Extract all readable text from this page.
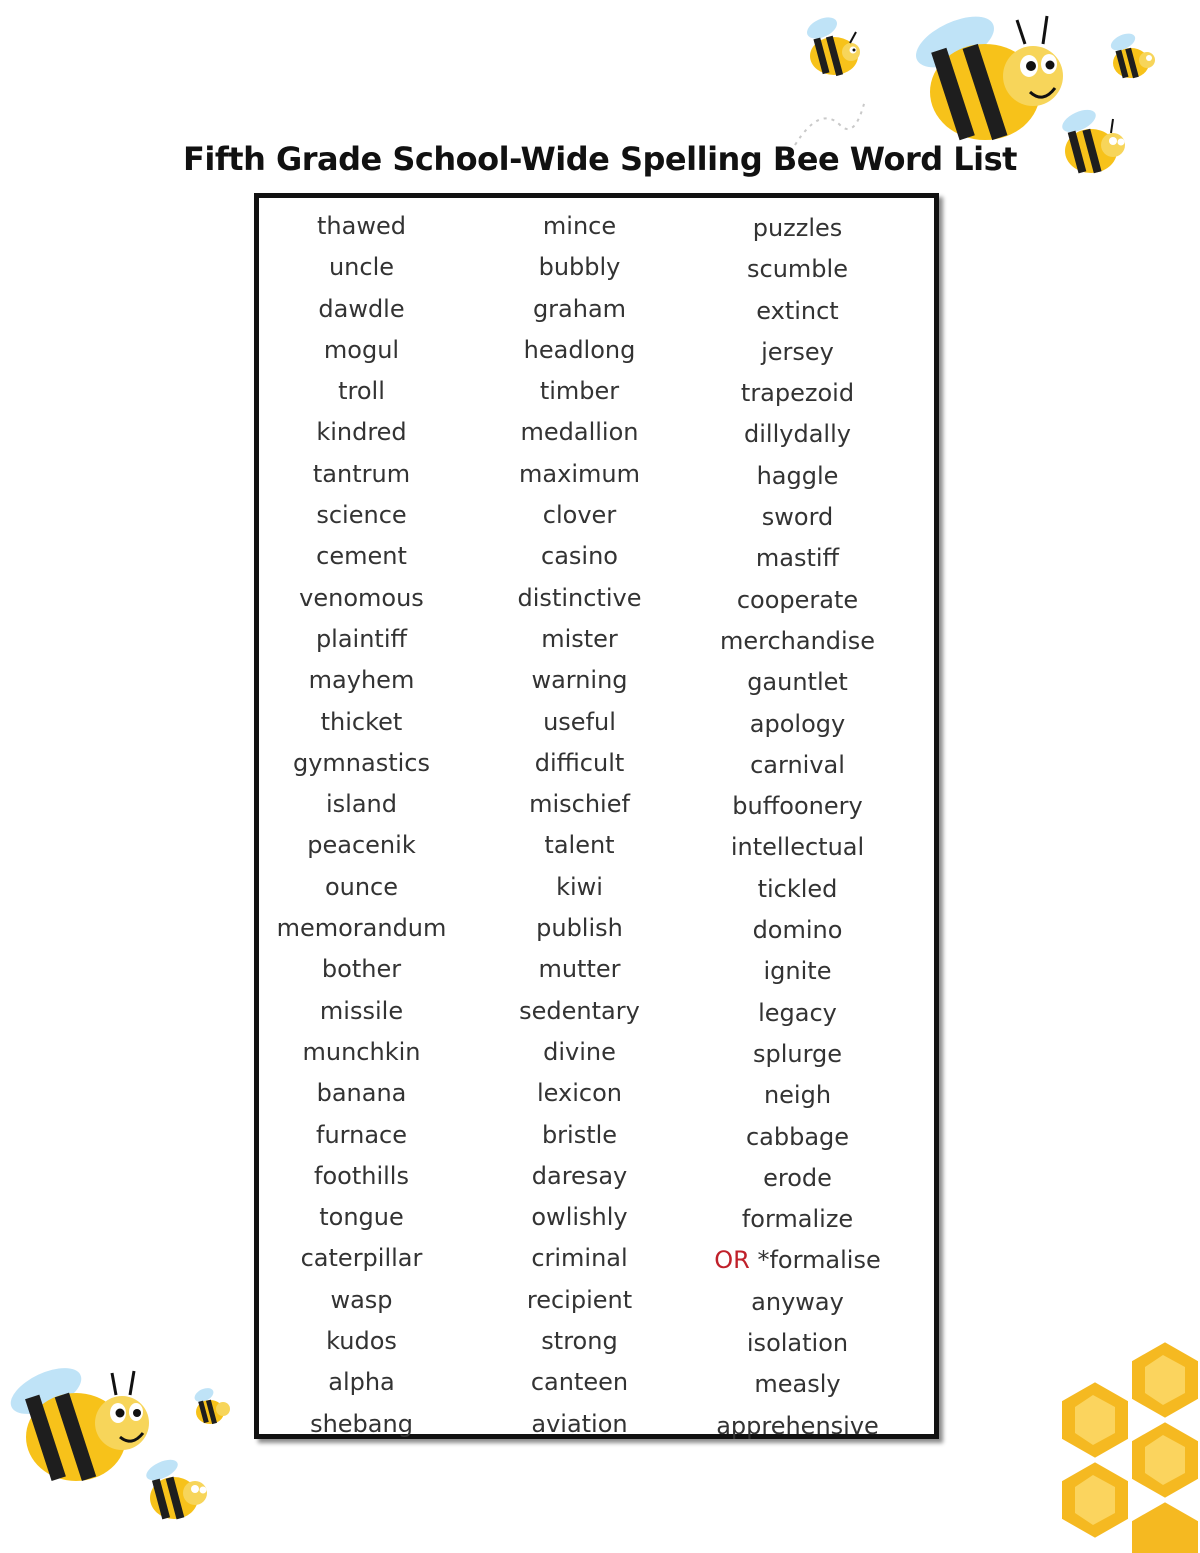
Fifth Grade School-Wide Spelling Bee Word List
thawed
uncle
dawdle
mogul
troll
kindred
tantrum
science
cement
venomous
plaintiff
mayhem
thicket
gymnastics
island
peacenik
ounce
memorandum
bother
missile
munchkin
banana
furnace
foothills
tongue
caterpillar
wasp
kudos
alpha
shebang
mince
bubbly
graham
headlong
timber
medallion
maximum
clover
casino
distinctive
mister
warning
useful
difficult
mischief
talent
kiwi
publish
mutter
sedentary
divine
lexicon
bristle
daresay
owlishly
criminal
recipient
strong
canteen
aviation
puzzles
scumble
extinct
jersey
trapezoid
dillydally
haggle
sword
mastiff
cooperate
merchandise
gauntlet
apology
carnival
buffoonery
intellectual
tickled
domino
ignite
legacy
splurge
neigh
cabbage
erode
formalize
OR *formalise
anyway
isolation
measly
apprehensive
